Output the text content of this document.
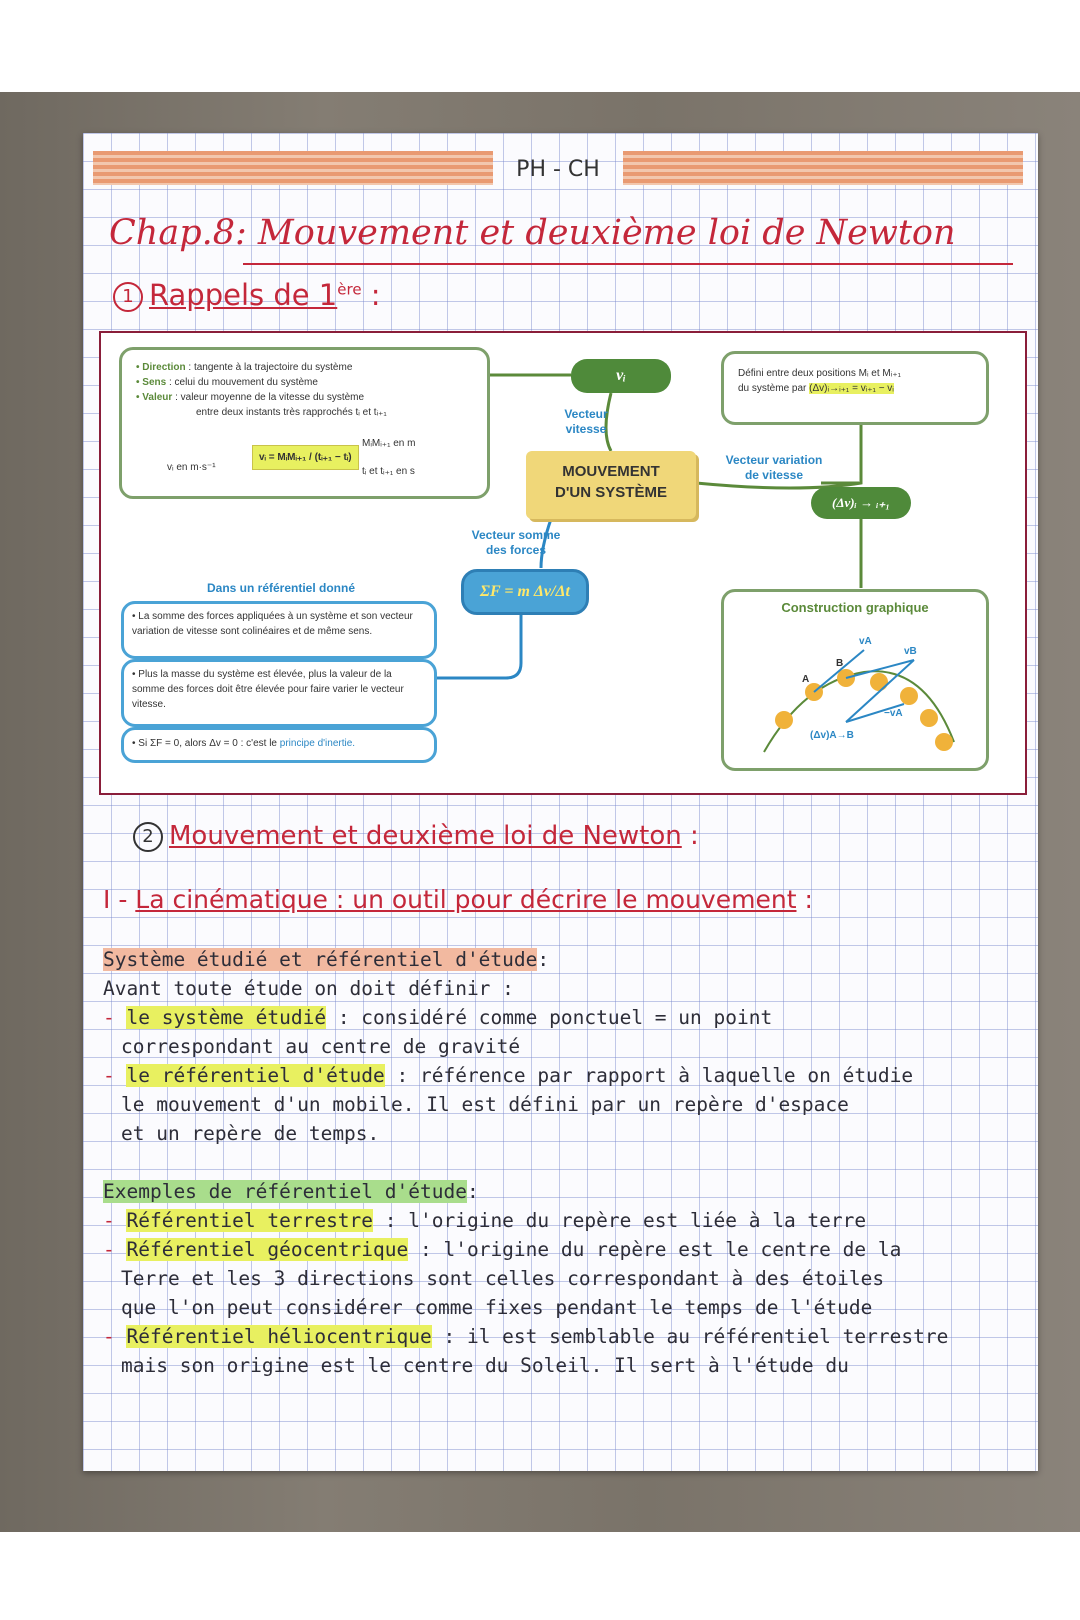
PH - CH
Chap.8: Mouvement et deuxième loi de Newton
1 Rappels de 1ère :
• Direction : tangente à la trajectoire du système
• Sens : celui du mouvement du système
• Valeur : valeur moyenne de la vitesse du système
entre deux instants très rapprochés tᵢ et tᵢ₊₁
vᵢ en m·s⁻¹
vᵢ = MᵢMᵢ₊₁ / (tᵢ₊₁ − tᵢ)
MᵢMᵢ₊₁ en m
tᵢ et tᵢ₊₁ en s
vᵢ
Vecteur
vitesse
MOUVEMENT
D'UN SYSTÈME
Défini entre deux positions Mᵢ et Mᵢ₊₁
du système par (Δv)ᵢ→ᵢ₊₁ = vᵢ₊₁ − vᵢ
Vecteur variation
de vitesse
(Δv)ᵢ → ᵢ₊₁
Vecteur somme
des forces
ΣF = m Δv/Δt
Dans un référentiel donné
• La somme des forces appliquées à un système et son vecteur variation de vitesse sont colinéaires et de même sens.
• Plus la masse du système est élevée, plus la valeur de la somme des forces doit être élevée pour faire varier le vecteur vitesse.
• Si ΣF = 0, alors Δv = 0 : c'est le principe d'inertie.
Construction graphique
A
B
vA
vB
−vA
(Δv)A→B
2 Mouvement et deuxième loi de Newton :
I - La cinématique : un outil pour décrire le mouvement :

Système étudié et référentiel d'étude:

Avant toute étude on doit définir :

- le système étudié : considéré comme ponctuel = un point

correspondant au centre de gravité

- le référentiel d'étude : référence par rapport à laquelle on étudie

le mouvement d'un mobile. Il est défini par un repère d'espace

et un repère de temps.

Exemples de référentiel d'étude:

- Référentiel terrestre : l'origine du repère est liée à la terre

- Référentiel géocentrique : l'origine du repère est le centre de la

Terre et les 3 directions sont celles correspondant à des étoiles

que l'on peut considérer comme fixes pendant le temps de l'étude

- Référentiel héliocentrique : il est semblable au référentiel terrestre

mais son origine est le centre du Soleil. Il sert à l'étude du
